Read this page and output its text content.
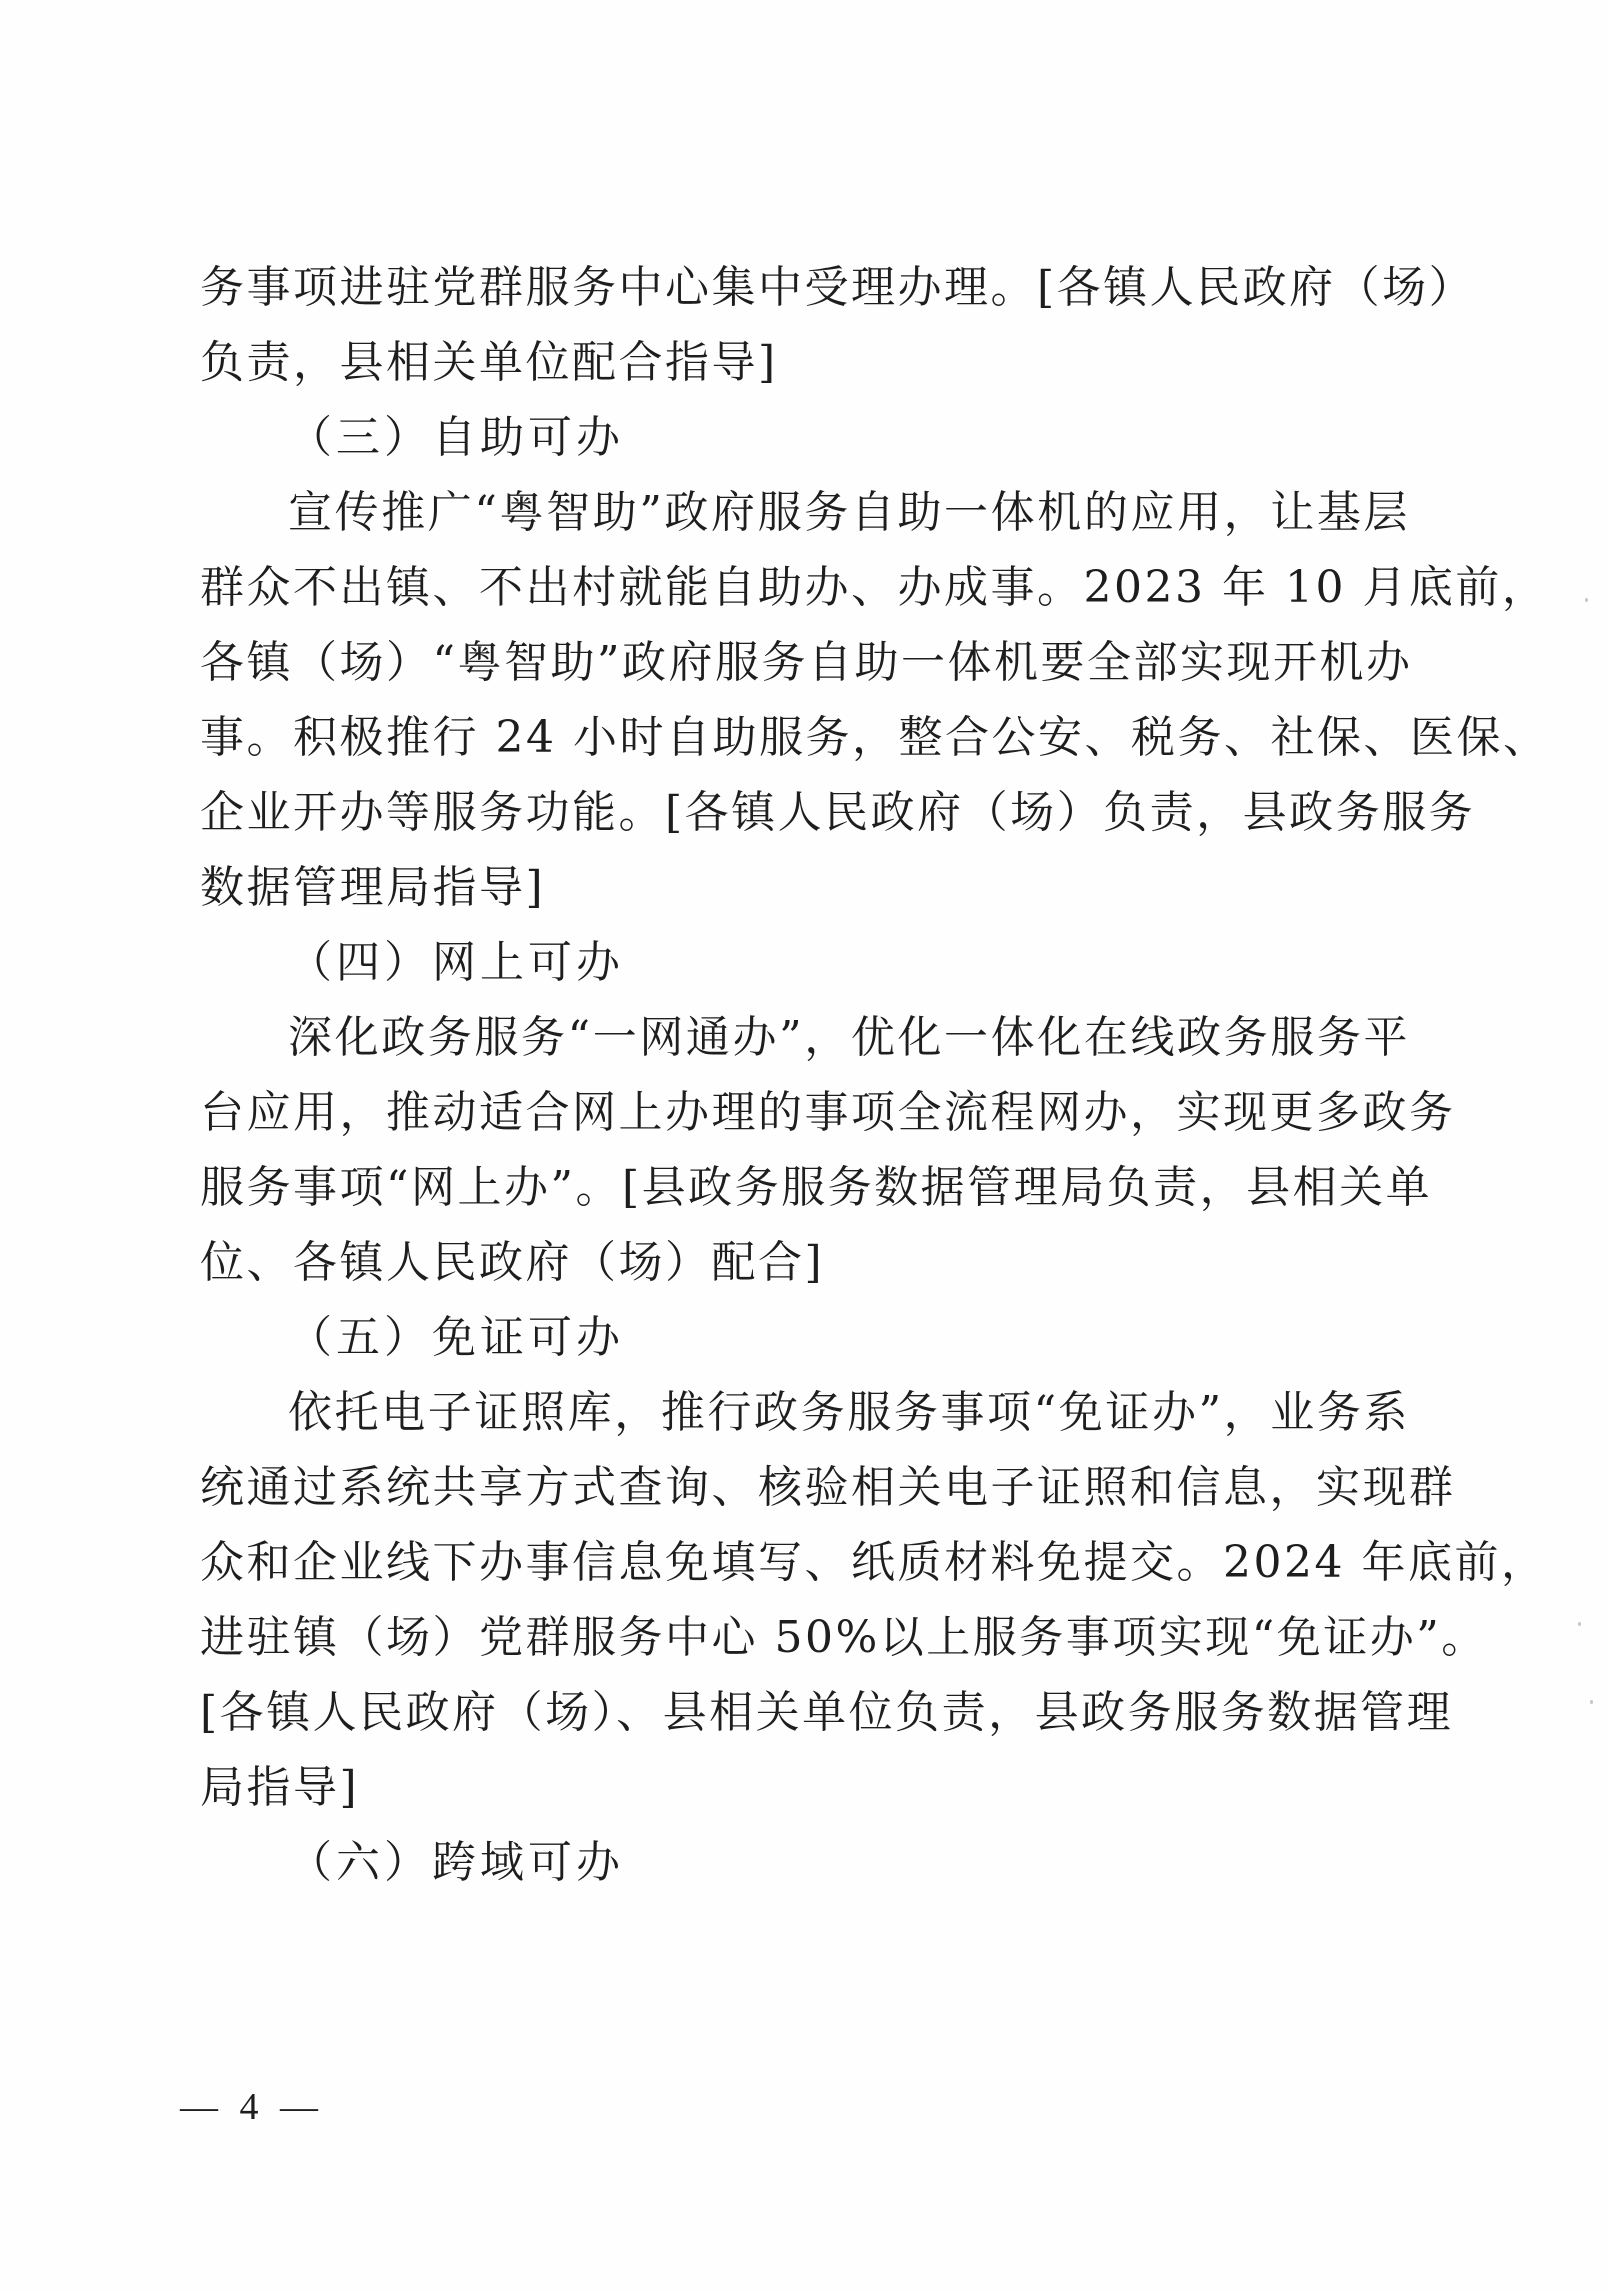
务事项进驻党群服务中心集中受理办理。[各镇人民政府（场）
负责，县相关单位配合指导]
（三）自助可办
宣传推广“粤智助”政府服务自助一体机的应用，让基层
群众不出镇、不出村就能自助办、办成事。2023 年 10 月底前，
各镇（场）“粤智助”政府服务自助一体机要全部实现开机办
事。积极推行 24 小时自助服务，整合公安、税务、社保、医保、
企业开办等服务功能。[各镇人民政府（场）负责，县政务服务
数据管理局指导]
（四）网上可办
深化政务服务“一网通办”，优化一体化在线政务服务平
台应用，推动适合网上办理的事项全流程网办，实现更多政务
服务事项“网上办”。[县政务服务数据管理局负责，县相关单
位、各镇人民政府（场）配合]
（五）免证可办
依托电子证照库，推行政务服务事项“免证办”，业务系
统通过系统共享方式查询、核验相关电子证照和信息，实现群
众和企业线下办事信息免填写、纸质材料免提交。2024 年底前，
进驻镇（场）党群服务中心 50%以上服务事项实现“免证办”。
[各镇人民政府（场）、县相关单位负责，县政务服务数据管理
局指导]
（六）跨域可办
— 4 —
